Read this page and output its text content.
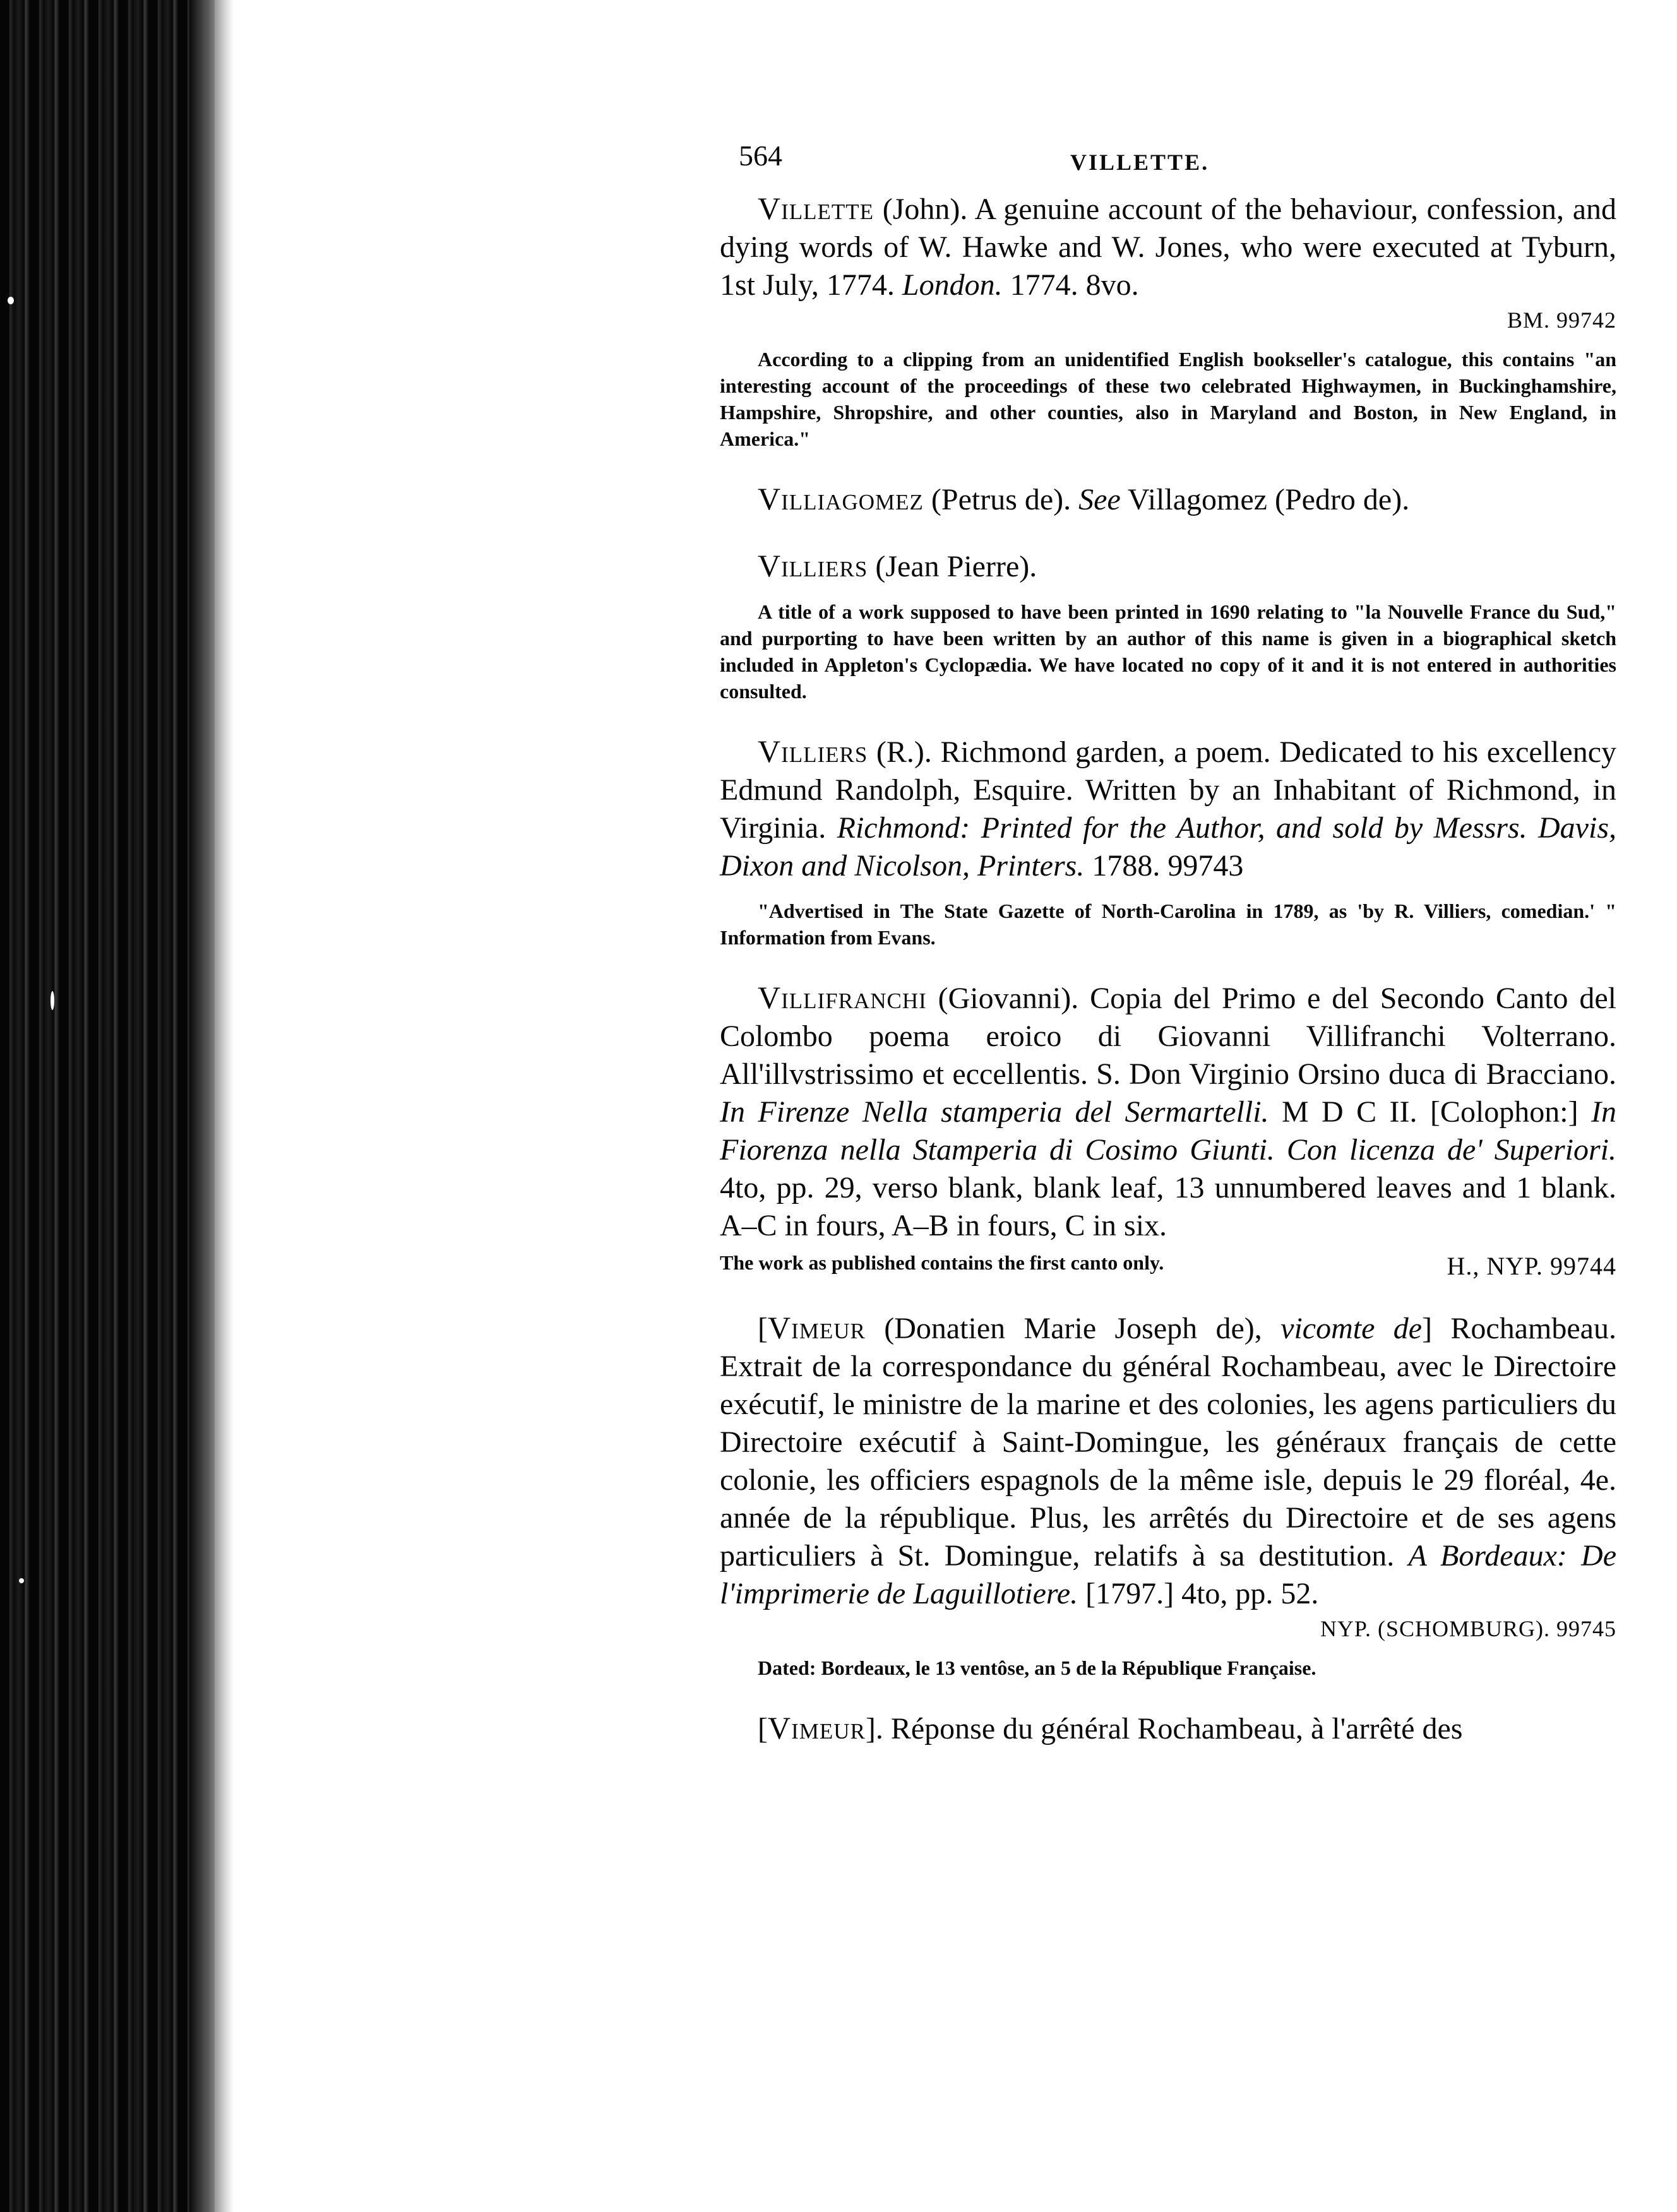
564	VILLETTE.

Villette (John). A genuine account of the behaviour, confession, and dying words of W. Hawke and W. Jones, who were executed at Tyburn, 1st July, 1774. London. 1774. 8vo.

BM. 99742

According to a clipping from an unidentified English bookseller's catalogue, this contains "an interesting account of the proceedings of these two celebrated Highwaymen, in Buckinghamshire, Hampshire, Shropshire, and other counties, also in Maryland and Boston, in New England, in America."

Villiagomez (Petrus de). See Villagomez (Pedro de).

Villiers (Jean Pierre).

A title of a work supposed to have been printed in 1690 relating to "la Nouvelle France du Sud," and purporting to have been written by an author of this name is given in a biographical sketch included in Appleton's Cyclopædia. We have located no copy of it and it is not entered in authorities consulted.

Villiers (R.). Richmond garden, a poem. Dedicated to his excellency Edmund Randolph, Esquire. Written by an Inhabitant of Richmond, in Virginia. Richmond: Printed for the Author, and sold by Messrs. Davis, Dixon and Nicolson, Printers. 1788. 99743

"Advertised in The State Gazette of North-Carolina in 1789, as 'by R. Villiers, comedian.' " Information from Evans.

Villifranchi (Giovanni). Copia del Primo e del Secondo Canto del Colombo poema eroico di Giovanni Villifranchi Volterrano. All'illvstrissimo et eccellentis. S. Don Virginio Orsino duca di Bracciano. In Firenze Nella stamperia del Sermartelli. M D C II. [Colophon:] In Fiorenza nella Stamperia di Cosimo Giunti. Con licenza de' Superiori. 4to, pp. 29, verso blank, blank leaf, 13 unnumbered leaves and 1 blank. A–C in fours, A–B in fours, C in six.

The work as published contains the first canto only.	H., NYP. 99744

[Vimeur (Donatien Marie Joseph de), vicomte de] Rochambeau. Extrait de la correspondance du général Rochambeau, avec le Directoire exécutif, le ministre de la marine et des colonies, les agens particuliers du Directoire exécutif à Saint-Domingue, les généraux français de cette colonie, les officiers espagnols de la même isle, depuis le 29 floréal, 4e. année de la république. Plus, les arrêtés du Directoire et de ses agens particuliers à St. Domingue, relatifs à sa destitution. A Bordeaux: De l'imprimerie de Laguillotiere. [1797.] 4to, pp. 52.

NYP. (SCHOMBURG). 99745

Dated: Bordeaux, le 13 ventôse, an 5 de la République Française.

[Vimeur]. Réponse du général Rochambeau, à l'arrêté des
